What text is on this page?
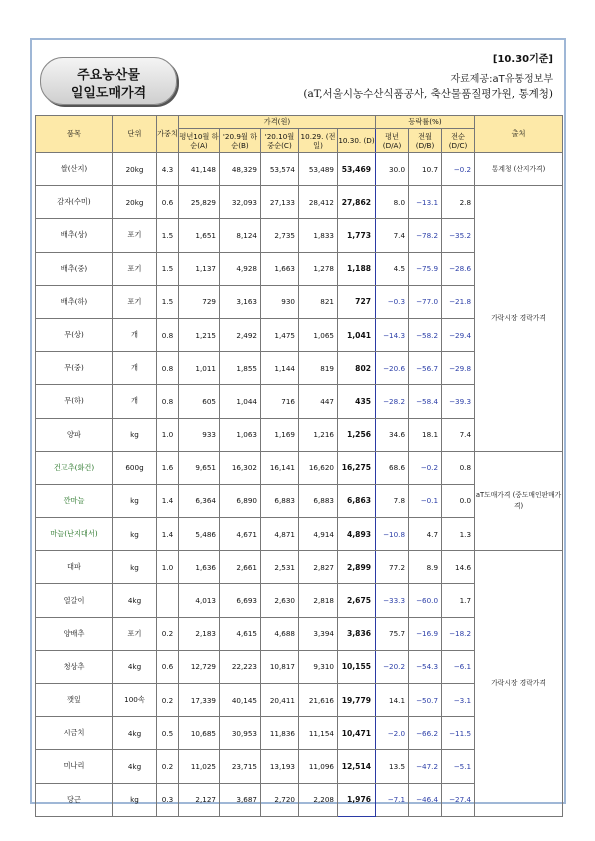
주요농산물
일일도매가격
[10.30기준]
자료제공:aT유통정보부
(aT,서울시농수산식품공사, 축산물품질평가원, 통계청)
품목	단위	가중치	가격(원)					등락률(%)			출처
			평년10월 하순(A)	'20.9월 하순(B)	'20.10월 중순(C)	10.29. (전일)	10.30. (D)	평년 (D/A)	전월 (D/B)	전순 (D/C)	
쌀(산지)	20kg	4.3	41,148	48,329	53,574	53,489	53,469	30.0	10.7	−0.2	통계청 (산지가격)
감자(수미)	20kg	0.6	25,829	32,093	27,133	28,412	27,862	8.0	−13.1	2.8	가락시장 경락가격
배추(상)	포기	1.5	1,651	8,124	2,735	1,833	1,773	7.4	−78.2	−35.2	
배추(중)	포기	1.5	1,137	4,928	1,663	1,278	1,188	4.5	−75.9	−28.6	
배추(하)	포기	1.5	729	3,163	930	821	727	−0.3	−77.0	−21.8	
무(상)	개	0.8	1,215	2,492	1,475	1,065	1,041	−14.3	−58.2	−29.4	
무(중)	개	0.8	1,011	1,855	1,144	819	802	−20.6	−56.7	−29.8	
무(하)	개	0.8	605	1,044	716	447	435	−28.2	−58.4	−39.3	
양파	kg	1.0	933	1,063	1,169	1,216	1,256	34.6	18.1	7.4	
건고추(화건)	600g	1.6	9,651	16,302	16,141	16,620	16,275	68.6	−0.2	0.8	aT도매가격 (중도매인판매가격)
깐마늘	kg	1.4	6,364	6,890	6,883	6,883	6,863	7.8	−0.1	0.0	
마늘(난지대서)	kg	1.4	5,486	4,671	4,871	4,914	4,893	−10.8	4.7	1.3	
대파	kg	1.0	1,636	2,661	2,531	2,827	2,899	77.2	8.9	14.6	가락시장 경락가격
열갈이	4kg		4,013	6,693	2,630	2,818	2,675	−33.3	−60.0	1.7	
양배추	포기	0.2	2,183	4,615	4,688	3,394	3,836	75.7	−16.9	−18.2	
청상추	4kg	0.6	12,729	22,223	10,817	9,310	10,155	−20.2	−54.3	−6.1	
깻잎	100속	0.2	17,339	40,145	20,411	21,616	19,779	14.1	−50.7	−3.1	
시금치	4kg	0.5	10,685	30,953	11,836	11,154	10,471	−2.0	−66.2	−11.5	
미나리	4kg	0.2	11,025	23,715	13,193	11,096	12,514	13.5	−47.2	−5.1	
당근	kg	0.3	2,127	3,687	2,720	2,208	1,976	−7.1	−46.4	−27.4	
